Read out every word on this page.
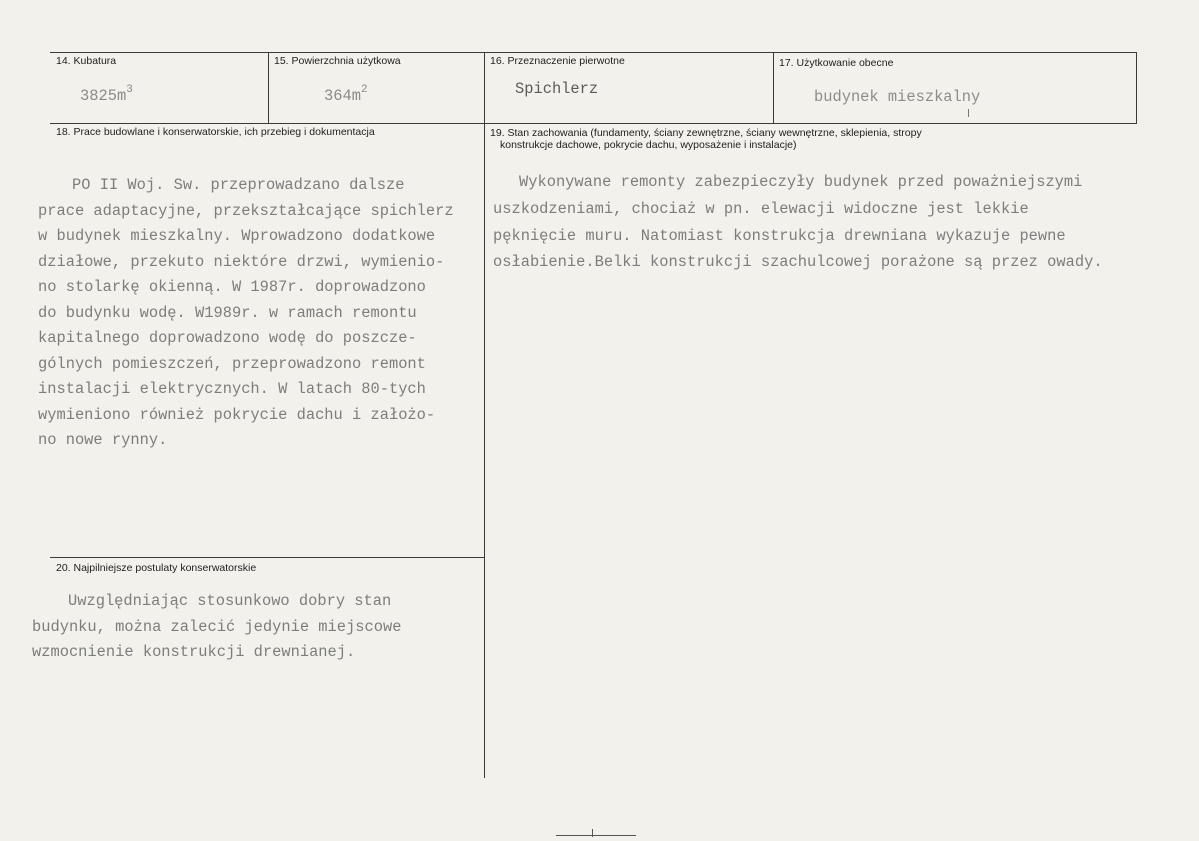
14. Kubatura
$3825m^3$
15. Powierzchnia użytkowa
$364m^2$
16. Przeznaczenie pierwotne
Spichlerz
17. Użytkowanie obecne
budynek mieszkalny
18. Prace budowlane i konserwatorskie, ich przebieg i dokumentacja
PO II Woj. Sw. przeprowadzano dalsze
prace adaptacyjne, przekształcające spichlerz
w budynek mieszkalny. Wprowadzono dodatkowe
działowe, przekuto niektóre drzwi, wymienio-
no stolarkę okienną. W 1987r. doprowadzono
do budynku wodę. W1989r. w ramach remontu
kapitalnego doprowadzono wodę do poszcze-
gólnych pomieszczeń, przeprowadzono remont
instalacji elektrycznych. W latach 80-tych
wymieniono również pokrycie dachu i założo-
no nowe rynny.
19. Stan zachowania (fundamenty, ściany zewnętrzne, ściany wewnętrzne, sklepienia, stropy
konstrukcje dachowe, pokrycie dachu, wyposażenie i instalacje)
Wykonywane remonty zabezpieczyły budynek przed poważniejszymi
uszkodzeniami, chociaż w pn. elewacji widoczne jest lekkie
pęknięcie muru. Natomiast konstrukcja drewniana wykazuje pewne
osłabienie.Belki konstrukcji szachulcowej porażone są przez owady.
20. Najpilniejsze postulaty konserwatorskie
Uwzględniając stosunkowo dobry stan
budynku, można zalecić jedynie miejscowe
wzmocnienie konstrukcji drewnianej.
